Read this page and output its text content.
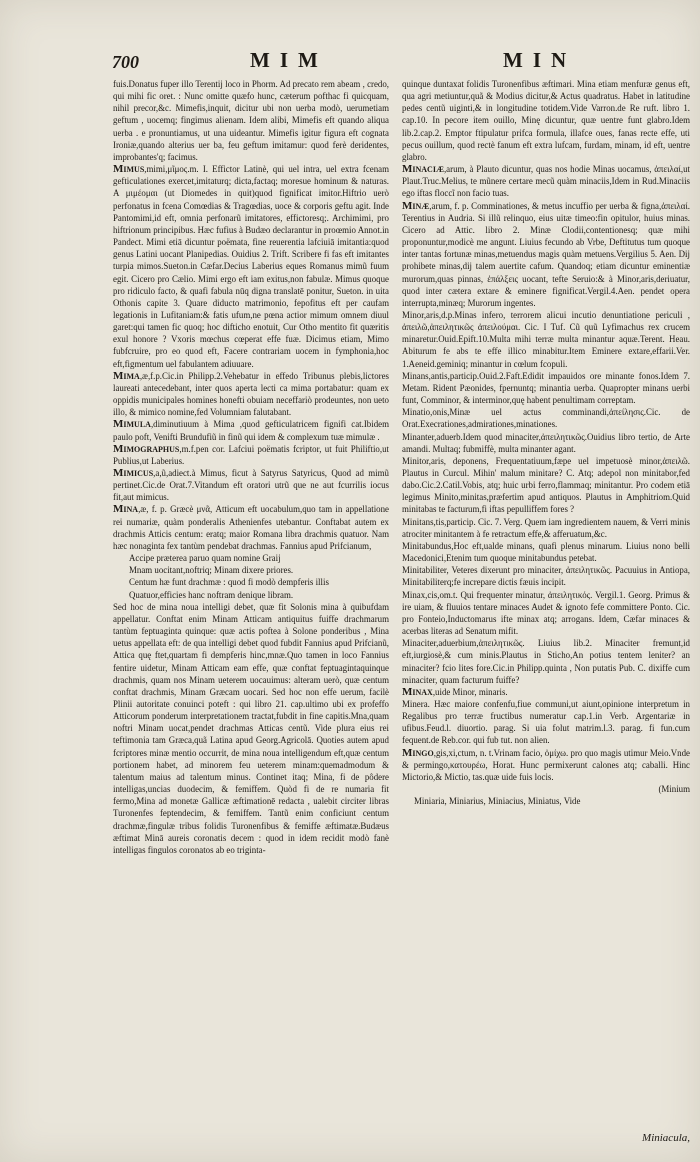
700	MIM	MIN

fuis.Donatus fuper illo Terentij loco in Phorm. Ad precato rem abeam , credo, qui mihi fic oret. : Nunc omitte quæfo hunc, cæterum pofthac fi quicquam, nihil precor,&c. Mimefis,inquit, dicitur ubi non uerba modò, uerumetiam geftum , uocemq; fingimus alienam. Idem alibi, Mimefis eft quando aliqua uerba . e pronuntiamus, ut una uideantur. Mimefis igitur figura eft cognata Ironiæ,quando alterius uer ba, feu geftum imitamur: quod ferè deridentes, improbantes'q; facimus.

Mimus,mimi,μῖμος.m. I. Effictor Latinè, qui uel intra, uel extra fcenam gefticulationes exercet,imitaturq; dicta,factaq; moresue hominum & naturas. A μιμέομαι (ut Diomedes in quit)quod fignificat imitor.Hiftrio uerò perfonatus in fcena Comœdias & Tragœdias, uoce & corporis geftu agit. Inde Pantomimi,id eft, omnia perfonarũ imitatores, effictoresq;. Archimimi, pro hiftrionum principibus. Hæc fufius à Budæo declarantur in proœmio Annot.in Pandect. Mimi etiā dicuntur poëmata, fine reuerentia lafciuiā imitantia:quod genus Latini uocant Planipedias. Ouidius 2. Trift. Scribere fi fas eft imitantes turpia mimos.Sueton.in Cæfar.Decius Laberius eques Romanus mimũ fuum egit. Cicero pro Cælio. Mimi ergo eft iam exitus,non fabulæ. Mimus quoque pro ridiculo facto, & quafi fabula nūq digna translatē ponitur, Sueton. in uita Othonis capite 3. Quare diducto matrimonio, fepofitus eft per caufam legationis in Lufitaniam:& fatis ufum,ne pœna actior mimum omnem diuul garet:qui tamen fic quoq; hoc difticho enotuit, Cur Otho mentito fit quæritis exul honore ? Vxoris mœchus cœperat effe fuæ. Dicimus etiam, Mimo fubfcruire, pro eo quod eft, Facere contrariam uocem in fymphonia,hoc eft,figmentum uel fabulantem adiuuare.

Mima,æ,f.p.Cic.in Philipp.2.Vehebatur in effedo Tribunus plebis,lictores laureati antecedebant, inter quos aperta lecti ca mima portabatur: quam ex oppidis municipales homines honefti obuiam neceffariò prodeuntes, non ueto illo, & mimico nomine,fed Volumniam falutabant.

Mimula,diminutiuum à Mima ,quod gefticulatricem fignifi cat.Ibidem paulo poft, Venifti Brundufiũ in finũ qui idem & complexum tuæ mimulæ .

Mimographus,m.f.pen cor. Lafciui poëmatis fcriptor, ut fuit Philiftio,ut Publius,ut Laberius.

Mimicus,a,ũ,adiect.à Mimus, ficut à Satyrus Satyricus, Quod ad mimũ pertinet.Cic.de Orat.7.Vitandum eft oratori utrũ que ne aut fcurrilis iocus fit,aut mimicus.

Mina,æ, f. p. Græcè μνᾶ, Atticum eft uocabulum,quo tam in appellatione rei numariæ, quàm ponderalis Athenienfes utebantur. Conftabat autem ex drachmis Atticis centum: eratq; maior Romana libra drachmis quatuor. Nam hæc nonaginta fex tantùm pendebat drachmas. Fannius apud Prifcianum,

Accipe præterea paruo quam nomine Graij

Mnam uocitant,noftriq; Minam dixere priores.

Centum hæ funt drachmæ : quod fi modò dempferis illis

Quatuor,efficies hanc noftram denique libram.

Sed hoc de mina noua intelligi debet, quæ fit Solonis mina à quibufdam appellatur. Conftat enim Minam Atticam antiquitus fuiffe drachmarum tantùm feptuaginta quinque: quæ actis poftea à Solone ponderibus , Mina uetus appellata eft: de qua intelligi debet quod fubdit Fannius apud Prifcianũ, Attica quę ftet,quartam fi dempferis hinc,mnæ.Quo tamen in loco Fannius fentire uidetur, Minam Atticam eam effe, quæ conftat feptuagintaquinque drachmis, quam nos Minam ueterem uocauimus: alteram uerò, quæ centum conftat drachmis, Minam Græcam uocari. Sed hoc non effe uerum, facilè Plinii autoritate conuinci poteft : qui libro 21. cap.ultimo ubi ex profeffo Atticorum ponderum interpretationem tractat,fubdit in fine capitis.Mna,quam noftri Minam uocat,pendet drachmas Atticas centũ. Vide plura eius rei teftimonia tam Græca,quã Latina apud Georg.Agricolā. Quoties autem apud fcriptores minæ mentio occurrit, de mina noua intelligendum eft,quæ centum portionem habet, ad minorem feu ueterem minam:quemadmodum & talentum maius ad talentum minus. Continet itaq; Mina, fi de pôdere intelligas,uncias duodecim, & femiffem. Quòd fi de re numaria fit fermo,Mina ad monetæ Gallicæ æftimationē redacta , ualebit circiter libras Turonenfes feptendecim, & femiffem. Tantũ enim conficiunt centum drachmæ,fingulæ tribus folidis Turonenfibus & femiffe æftimatæ.Budæus æftimat Minā aureis coronatis decem : quod in idem recidit modò fanè intelligas fingulos coronatos ab eo triginta-

quinque duntaxat folidis Turonenfibus æftimari. Mina etiam menfuræ genus eft, qua agri metiuntur,quã & Modius dicitur,& Actus quadratus. Habet in latitudine pedes centũ uiginti,& in longitudine totidem.Vide Varron.de Re ruft. libro 1. cap.10. In pecore item ouillo, Minę dicuntur, quæ uentre funt glabro.Idem lib.2.cap.2. Emptor ftipulatur prifca formula, illafce oues, fanas recte effe, uti pecus ouillum, quod rectè fanum eft extra lufcam, furdam, minam, id eft, uentre glabro.

Minaciæ,arum, à Plauto dicuntur, quas nos hodie Minas uocamus, ἀπειλαί,ut Plaut.Truc.Melius, te mũnere certare mecũ quàm minaciis,Idem in Rud.Minaciis ego iftas floccĩ non facio tuas.

Minæ,arum, f. p. Comminationes, & metus incuffio per uerba & figna,ἀπειλαί. Terentius in Audria. Si illũ relinquo, eius uitæ timeo:fin opitulor, huius minas. Cicero ad Attic. libro 2. Minæ Clodii,contentionesq; quæ mihi proponuntur,modicè me angunt. Liuius fecundo ab Vrbe, Deftitutus tum quoque inter tantas fortunæ minas,metuendus magis quàm metuens.Vergilius 5. Aen. Dij prohibete minas,dij talem auertite cafum. Quandoq; etiam dicuntur eminentiæ murorum,quas pinnas, ἐπάλξεις uocant, tefte Seruio:& à Minor,aris,deriuatur, quod inter cætera extare & eminere fignificat.Vergil.4.Aen. pendet opera interrupta,minæq; Murorum ingentes.

Minor,aris,d.p.Minas infero, terrorem alicui incutio denuntiatione periculi , ἀπειλῶ,ἀπειλητικῶς ἀπειλούμαι. Cic. I Tuf. Cũ quũ Lyfimachus rex crucem minaretur.Ouid.Epift.10.Multa mihi terræ multa minantur aquæ.Terent. Heau. Abiturum fe abs te effe illico minabitur.Item Eminere extare,effarii.Ver. 1.Aeneid.geminiq; minantur in cœlum fcopuli.

Minans,antis,particip.Ouid.2.Faft.Edidit impauidos ore minante fonos.Idem 7. Metam. Rident Pæonides, fpernuntq; minantia uerba. Quapropter minans uerbi funt, Comminor, & interminor,quę habent penultimam correptam.

Minatio,onis,Minæ uel actus comminandi,ἀπείλησις.Cic. de Orat.Execrationes,admirationes,minationes.

Minanter,aduerb.Idem quod minaciter,ἀπειλητικῶς.Ouidius libro tertio, de Arte amandi. Multaq; fubmiffè, multa minanter agant.

Minitor,aris, deponens, Frequentatiuum,fæpe uel impetuosè minor,ἀπειλῶ. Plautus in Curcul. Mihin' malum minitare? C. Atq; adepol non minitabor,fed dabo.Cic.2.Catil.Vobis, atq; huic urbi ferro,flammaq; minitantur. Pro codem etiā legimus Minito,minitas,præfertim apud antiquos. Plautus in Amphitriom.Quid minitabas te facturum,fi iftas pepulliffem fores ?

Minitans,tis,particip. Cic. 7. Verg. Quem iam ingredientem nauem, & Verri minis atrociter minitantem à fe retractum effe,& afferuatum,&c.

Minitabundus,Hoc eft,ualde minans, quafi plenus minarum. Liuius nono belli Macedonici,Etenim tum quoque minitabundus petebat.

Minitabiliter, Veteres dixerunt pro minaciter, ἀπειλητικῶς. Pacuuius in Antiopa, Minitabiliterq;fe increpare dictis fæuis incipit.

Minax,cis,om.t. Qui frequenter minatur, ἀπειλητικός. Vergil.1. Georg. Primus & ire uiam, & fluuios tentare minaces Audet & ignoto fefe committere Ponto. Cic. pro Fonteio,Inductomarus ifte minax atq; arrogans. Idem, Cæfar minaces & acerbas literas ad Senatum mifit.

Minaciter,aduerbium,ἀπειλητικῶς. Liuius lib.2. Minaciter fremunt,id eft,iurgiosè,& cum minis.Plautus in Sticho,An potius tentem leniter? an minaciter? fcio lites fore.Cic.in Philipp.quinta , Non putatis Pub. C. dixiffe cum minaciter, quam facturum fuiffe?

Minax,uide Minor, minaris.

Minera. Hæc maiore confenfu,fiue communi,ut aiunt,opinione interpretum in Regalibus pro terræ fructibus numeratur cap.1.in Verb. Argentariæ in ufibus.Feud.l. diuortio. parag. Si uia folut matrim.l.3. parag. fi fun.cum fequent.de Reb.cor. qui fub tut. non alien.

Mingo,gis,xi,ctum, n. t.Vrinam facio, ὀμίχω. pro quo magis utimur Meio.Vnde & permingo,κατουρέω, Horat. Hunc permixerunt calones atq; caballi. Hinc Mictorio,& Mictio, tas.quæ uide fuis locis.

(Minium

Miniaria, Miniarius, Miniacius, Miniatus, Vide

Miniacula,
